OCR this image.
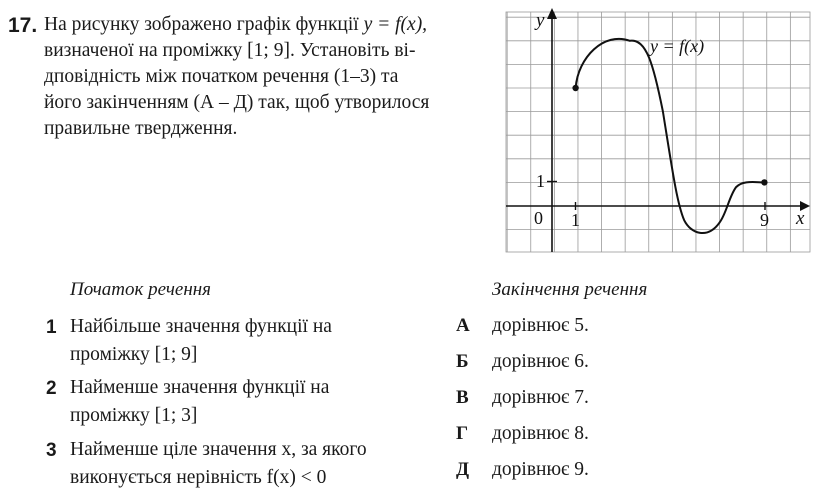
17. На рисунку зображено графік функції y = f(x),
визначеної на проміжку [1; 9]. Установіть ві-
дповідність між початком речення (1–3) та
його закінченням (А – Д) так, щоб утворилося
правильне твердження.
y
x
y = f(x)
0 1	9
1
Початок речення	Закінчення речення
1 Найбільше значення функції на
проміжку [1; 9]
2 Найменше значення функції на
проміжку [1; 3]
3 Найменше ціле значення x, за якого
виконується нерівність f(x) < 0
А дорівнює 5.
Б дорівнює 6.
В дорівнює 7.
Г дорівнює 8.
Д дорівнює 9.
